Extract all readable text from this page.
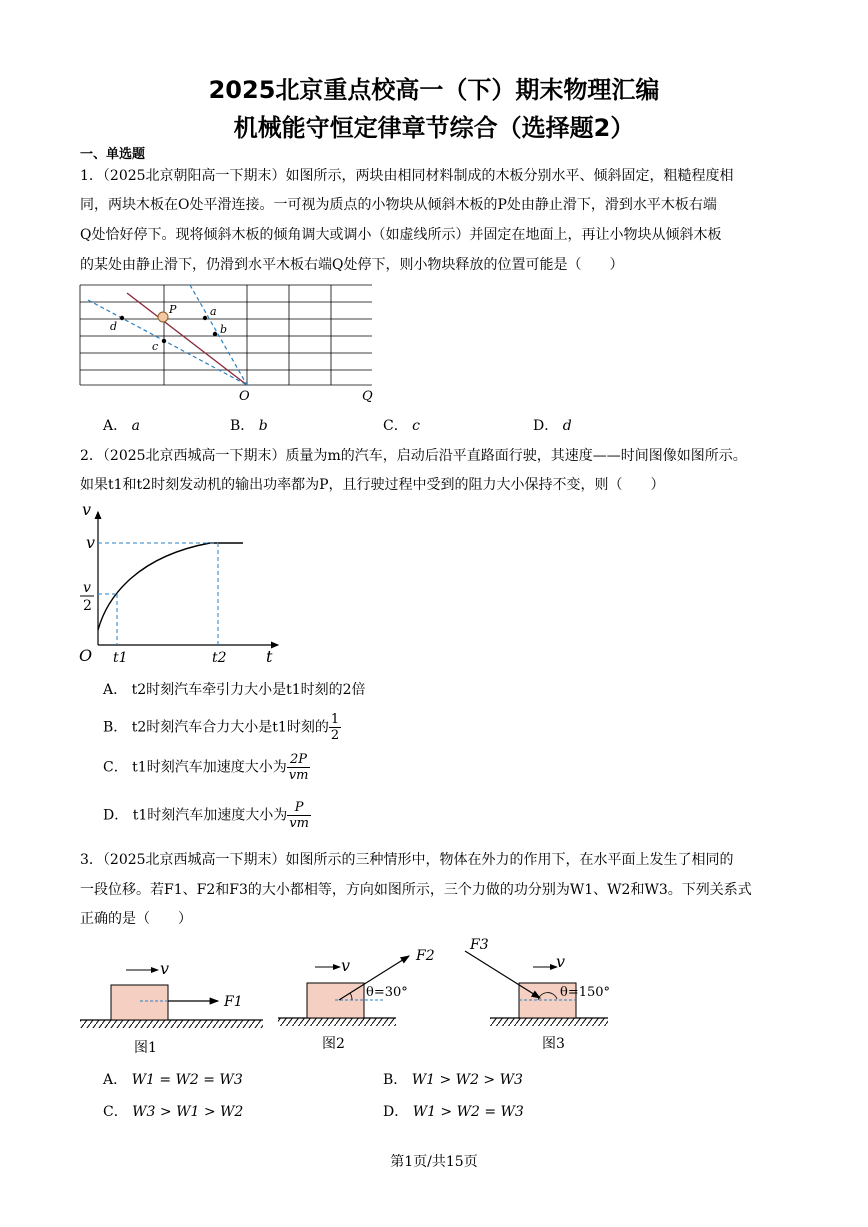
2025北京重点校高一（下）期末物理汇编
机械能守恒定律章节综合（选择题2）
一、单选题
1．（2025北京朝阳高一下期末）如图所示，两块由相同材料制成的木板分别水平、倾斜固定，粗糙程度相
同，两块木板在O处平滑连接。一可视为质点的小物块从倾斜木板的P处由静止滑下，滑到水平木板右端
Q处恰好停下。现将倾斜木板的倾角调大或调小（如虚线所示）并固定在地面上，再让小物块从倾斜木板
的某处由静止滑下，仍滑到水平木板右端Q处停下，则小物块释放的位置可能是（　　）
P	a
b
c
d
O	Q
A． a	B． b	C． c	D． d
2．（2025北京西城高一下期末）质量为m的汽车，启动后沿平直路面行驶，其速度——时间图像如图所示。
如果t1和t2时刻发动机的输出功率都为P，且行驶过程中受到的阻力大小保持不变，则（　　）
v
v
v
2
O t1	t2 t
A． t2时刻汽车牵引力大小是t1时刻的2倍
B． t2时刻汽车合力大小是t1时刻的 $\frac{1}{2}$
C． t1时刻汽车加速度大小为 $\frac{2P}{vm}$
D． t1时刻汽车加速度大小为 $\frac{P}{vm}$
3．（2025北京西城高一下期末）如图所示的三种情形中，物体在外力的作用下，在水平面上发生了相同的
一段位移。若F1、F2和F3的大小都相等，方向如图所示，三个力做的功分别为W1、W2和W3。下列关系式
正确的是（　　）
v
F1
图1
v	F2
θ=30°
图2
v
F3
θ=150°
图3
A． W1 = W2 = W3	B． W1 > W2 > W3
C． W3 > W1 > W2	D． W1 > W2 = W3
第1页/共15页
